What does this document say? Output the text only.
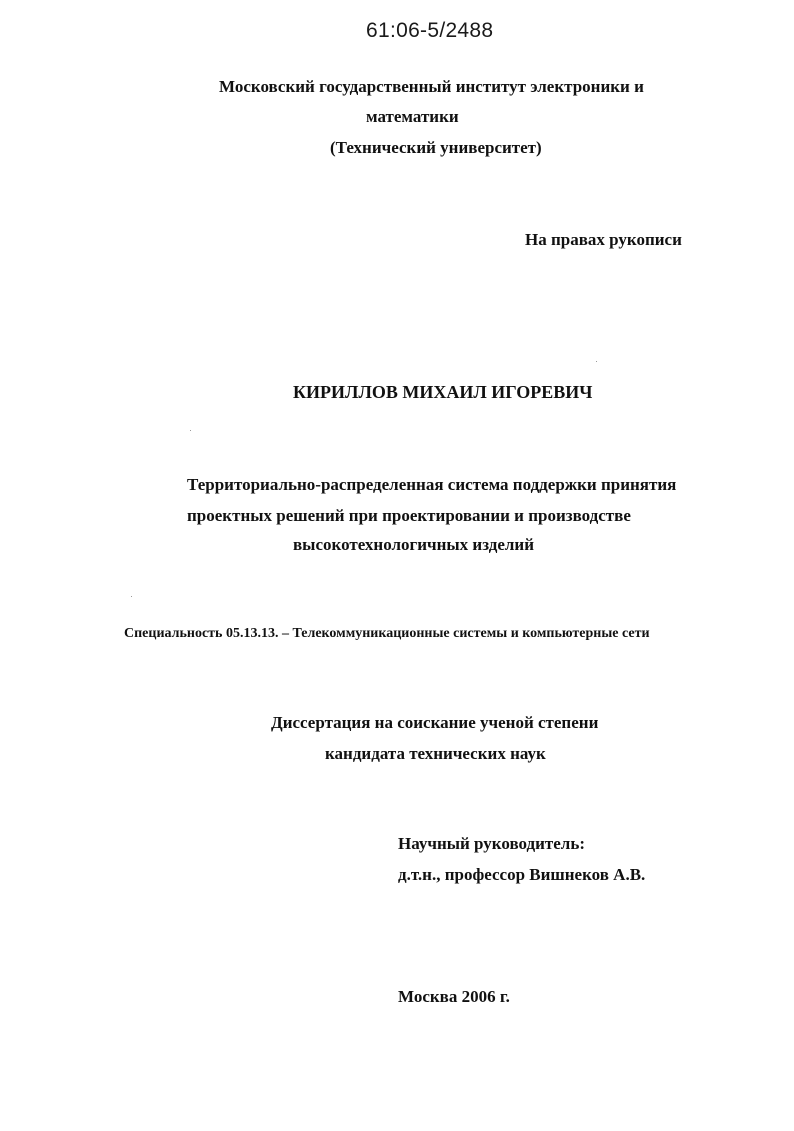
61:06-5/2488
Московский государственный институт электроники и
математики
(Технический университет)
На правах рукописи
КИРИЛЛОВ МИХАИЛ ИГОРЕВИЧ
Территориально-распределенная система поддержки принятия
проектных решений при проектировании и производстве
высокотехнологичных изделий
Специальность 05.13.13. – Телекоммуникационные системы и компьютерные сети
Диссертация на соискание ученой степени
кандидата технических наук
Научный руководитель:
д.т.н., профессор Вишнеков А.В.
Москва 2006 г.
